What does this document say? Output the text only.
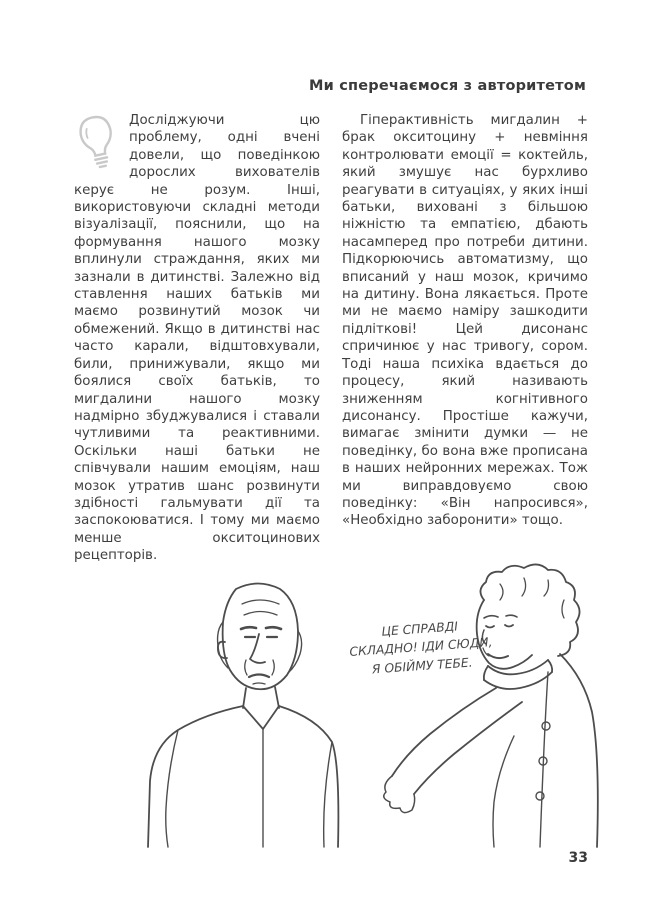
Ми сперечаємося з авторитетом
Досліджуючи цю проблему, одні вчені довели, що поведінкою дорослих вихователів керує не розум. Інші, використовуючи складні методи візуалізації, пояснили, що на формування нашого мозку вплинули страждання, яких ми зазнали в дитинстві. Залежно від ставлення наших батьків ми маємо розвинутий мозок чи обмежений. Якщо в дитинстві нас часто карали, відштовхували, били, принижували, якщо ми боялися своїх батьків, то мигдалини нашого мозку надмірно збуджувалися і ставали чутливими та реактивними. Оскільки наші батьки не співчували нашим емоціям, наш мозок утратив шанс розвинути здібності гальмувати дії та заспокоюватися. І тому ми маємо менше окситоцинових рецепторів.
Гіперактивність мигдалин + брак окситоцину + невміння контролювати емоції = коктейль, який змушує нас бурхливо реагувати в ситуаціях, у яких інші батьки, виховані з більшою ніжністю та емпатією, дбають насамперед про потреби дитини. Підкорюючись автоматизму, що вписаний у наш мозок, кричимо на дитину. Вона лякається. Проте ми не маємо наміру зашкодити підліткові! Цей дисонанс спричинює у нас тривогу, сором. Тоді наша психіка вдається до процесу, який називають зниженням когнітивного дисонансу. Простіше кажучи, вимагає змінити думки — не поведінку, бо вона вже прописана в наших нейронних мережах. Тож ми виправдовуємо свою поведінку: «Він напросився», «Необхідно заборонити» тощо.
ЦЕ СПРАВДІ
СКЛАДНО! ІДИ СЮДИ,
Я ОБІЙМУ ТЕБЕ.
33
